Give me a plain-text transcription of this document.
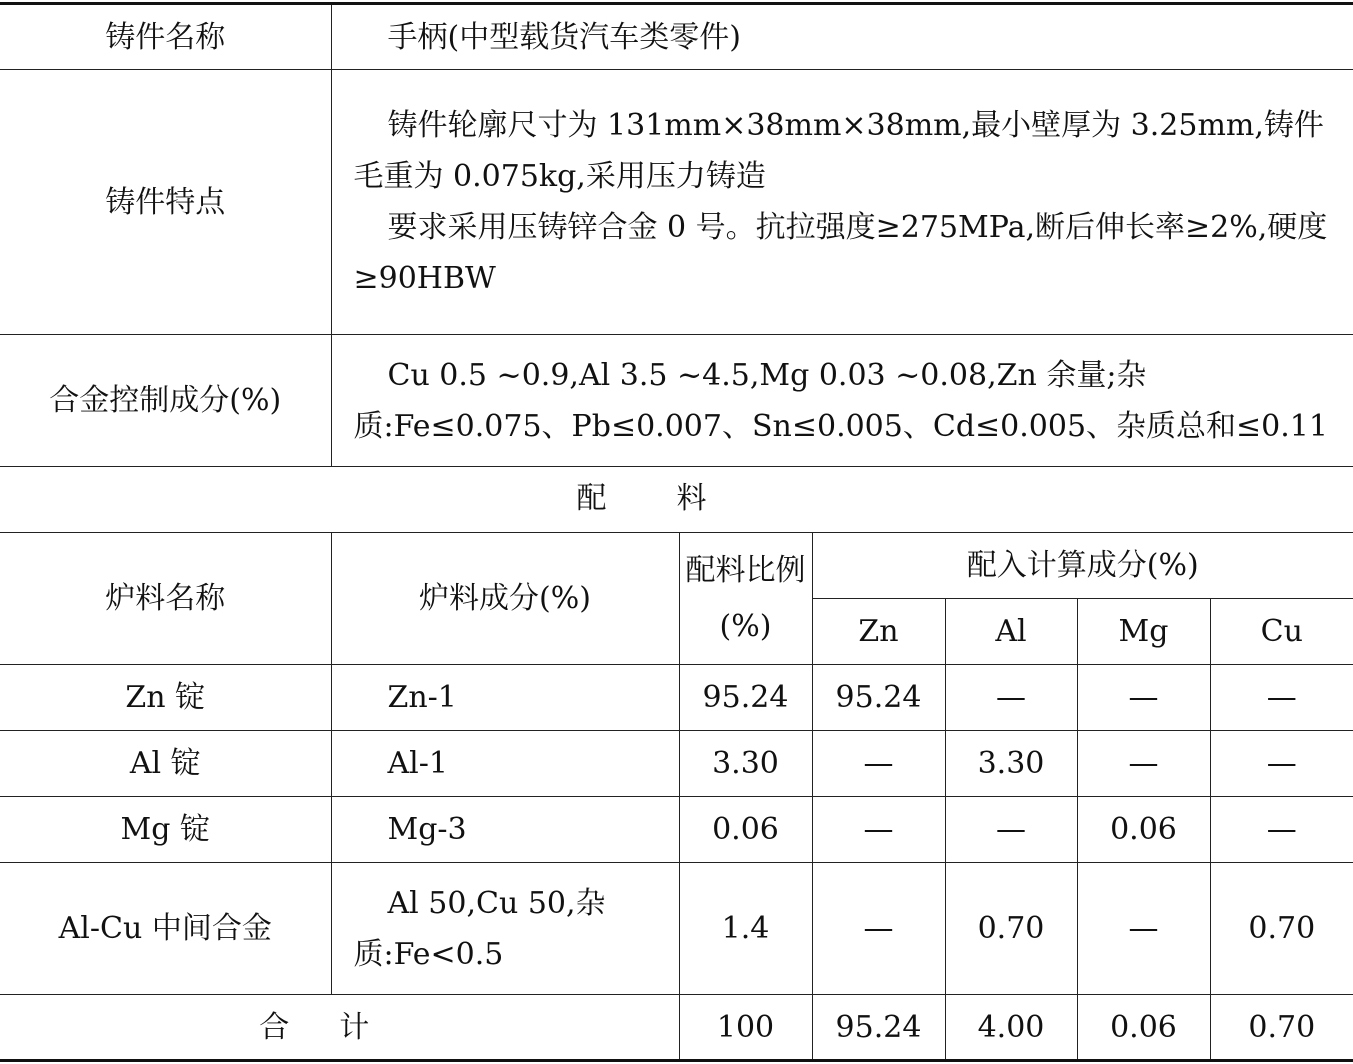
铸件名称	手柄(中型载货汽车类零件)
铸件特点	铸件轮廓尺寸为 131mm×38mm×38mm,最小壁厚为 3.25mm,铸件毛重为 0.075kg,采用压力铸造
要求采用压铸锌合金 0 号。抗拉强度≥275MPa,断后伸长率≥2%,硬度≥90HBW

合金控制成分(%)	Cu 0.5 ~0.9,Al 3.5 ~4.5,Mg 0.03 ~0.08,Zn 余量;杂质:Fe≤0.075、Pb≤0.007、Sn≤0.005、Cd≤0.005、杂质总和≤0.11
配料
炉料名称	炉料成分(%)	配料比例(%)	配入计算成分(%)			
			Zn	Al	Mg	Cu
Zn 锭	Zn-1	95.24	95.24	—	—	—
Al 锭	Al-1	3.30	—	3.30	—	—
Mg 锭	Mg-3	0.06	—	—	0.06	—
Al-Cu 中间合金	Al 50,Cu 50,杂质:Fe<0.5	1.4	—	0.70	—	0.70
合计		100	95.24	4.00	0.06	0.70
